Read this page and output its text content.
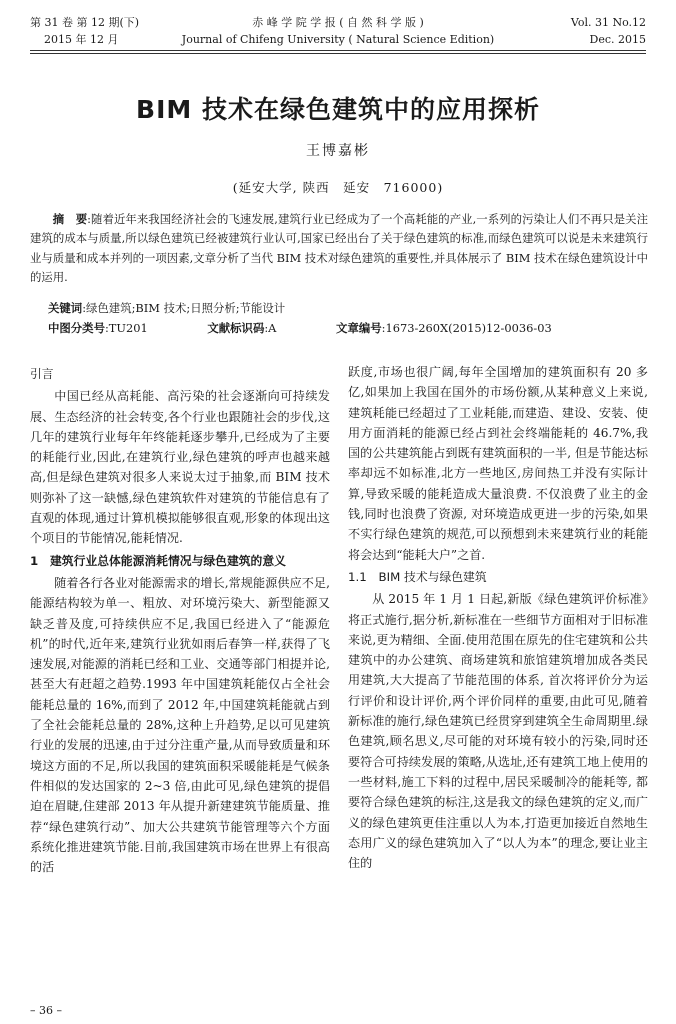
第 31 卷 第 12 期(下)
2015 年 12 月
赤 峰 学 院 学 报 ( 自 然 科 学 版 )
Journal of Chifeng University ( Natural Science Edition)
Vol. 31 No.12
Dec. 2015
BIM 技术在绿色建筑中的应用探析
王博嘉彬
(延安大学, 陕西　延安　716000)
摘　要:随着近年来我国经济社会的飞速发展,建筑行业已经成为了一个高耗能的产业,一系列的污染让人们不再只是关注建筑的成本与质量,所以绿色建筑已经被建筑行业认可,国家已经出台了关于绿色建筑的标准,而绿色建筑可以说是未来建筑行业与质量和成本并列的一项因素,文章分析了当代 BIM 技术对绿色建筑的重要性,并具体展示了 BIM 技术在绿色建筑设计中的运用.
关键词:绿色建筑;BIM 技术;日照分析;节能设计
中图分类号:TU201	文献标识码:A	文章编号:1673-260X(2015)12-0036-03

引言

中国已经从高耗能、高污染的社会逐渐向可持续发展、生态经济的社会转变,各个行业也跟随社会的步伐,这几年的建筑行业每年年终能耗逐步攀升,已经成为了主要的耗能行业,因此,在建筑行业,绿色建筑的呼声也越来越高,但是绿色建筑对很多人来说太过于抽象,而 BIM 技术则弥补了这一缺憾,绿色建筑软件对建筑的节能信息有了直观的体现,通过计算机模拟能够很直观,形象的体现出这个项目的节能情况,能耗情况.

1　建筑行业总体能源消耗情况与绿色建筑的意义

随着各行各业对能源需求的增长,常规能源供应不足,能源结构较为单一、粗放、对环境污染大、新型能源又缺乏普及度,可持续供应不足,我国已经进入了“能源危机”的时代,近年来,建筑行业犹如雨后春笋一样,获得了飞速发展,对能源的消耗已经和工业、交通等部门相提并论,甚至大有赶超之趋势.1993 年中国建筑耗能仅占全社会能耗总量的 16%,而到了 2012 年,中国建筑耗能就占到了全社会能耗总量的 28%,这种上升趋势,足以可见建筑行业的发展的迅速,由于过分注重产量,从而导致质量和环境这方面的不足,所以我国的建筑面积采暖能耗是气候条件相似的发达国家的 2~3 倍,由此可见,绿色建筑的提倡迫在眉睫,住建部 2013 年从提升新建建筑节能质量、推荐“绿色建筑行动”、加大公共建筑节能管理等六个方面系统化推进建筑节能.目前,我国建筑市场在世界上有很高的活

跃度,市场也很广阔,每年全国增加的建筑面积有 20 多亿,如果加上我国在国外的市场份额,从某种意义上来说,建筑耗能已经超过了工业耗能,而建造、建设、安装、使用方面消耗的能源已经占到社会终端能耗的 46.7%,我国的公共建筑能占到既有建筑面积的一半, 但是节能达标率却远不如标准,北方一些地区,房间热工并没有实际计算,导致采暖的能耗造成大量浪费. 不仅浪费了业主的金钱,同时也浪费了资源, 对环境造成更进一步的污染,如果不实行绿色建筑的规范,可以预想到未来建筑行业的耗能将会达到“能耗大户”之首.

1.1　BIM 技术与绿色建筑

从 2015 年 1 月 1 日起,新版《绿色建筑评价标准》将正式施行,据分析,新标准在一些细节方面相对于旧标准来说,更为精细、全面.使用范围在原先的住宅建筑和公共建筑中的办公建筑、商场建筑和旅馆建筑增加成各类民用建筑,大大提高了节能范围的体系, 首次将评价分为运行评价和设计评价,两个评价同样的重要,由此可见,随着新标准的施行,绿色建筑已经贯穿到建筑全生命周期里.绿色建筑,顾名思义,尽可能的对环境有较小的污染,同时还要符合可持续发展的策略,从选址,还有建筑工地上使用的一些材料,施工下料的过程中,居民采暖制冷的能耗等, 都要符合绿色建筑的标注,这是我文的绿色建筑的定义,而广义的绿色建筑更佳注重以人为本,打造更加接近自然地生态用广义的绿色建筑加入了“以人为本”的理念,要让业主住的

– 36 –
